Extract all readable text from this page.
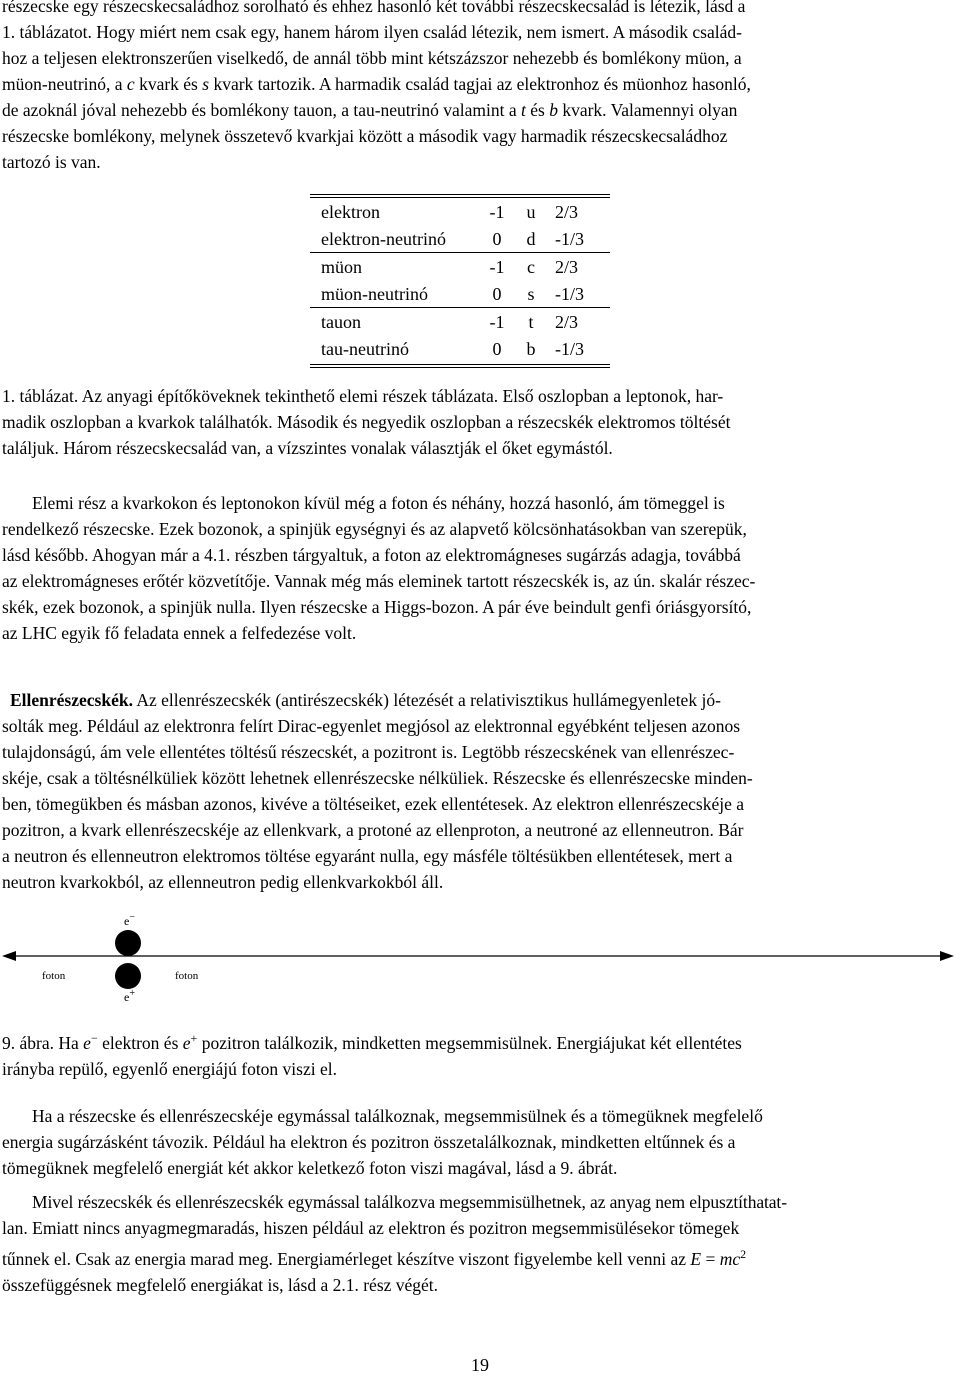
részecske egy részecskecsaládhoz sorolható és ehhez hasonló két további részecskecsalád is létezik, lásd a

1. táblázatot. Hogy miért nem csak egy, hanem három ilyen család létezik, nem ismert. A második család-

hoz a teljesen elektronszerűen viselkedő, de annál több mint kétszázszor nehezebb és bomlékony müon, a

müon-neutrinó, a c kvark és s kvark tartozik. A harmadik család tagjai az elektronhoz és müonhoz hasonló,

de azoknál jóval nehezebb és bomlékony tauon, a tau-neutrinó valamint a t és b kvark. Valamennyi olyan

részecske bomlékony, melynek összetevő kvarkjai között a második vagy harmadik részecskecsaládhoz

tartozó is van.

elektron	-1	u	2/3
elektron-neutrinó	0	d	-1/3
müon	-1	c	2/3
müon-neutrinó	0	s	-1/3
tauon	-1	t	2/3
tau-neutrinó	0	b	-1/3

1. táblázat. Az anyagi építőköveknek tekinthető elemi részek táblázata. Első oszlopban a leptonok, har-

madik oszlopban a kvarkok találhatók. Második és negyedik oszlopban a részecskék elektromos töltését

találjuk. Három részecskecsalád van, a vízszintes vonalak választják el őket egymástól.

Elemi rész a kvarkokon és leptonokon kívül még a foton és néhány, hozzá hasonló, ám tömeggel is

rendelkező részecske. Ezek bozonok, a spinjük egységnyi és az alapvető kölcsönhatásokban van szerepük,

lásd később. Ahogyan már a 4.1. részben tárgyaltuk, a foton az elektromágneses sugárzás adagja, továbbá

az elektromágneses erőtér közvetítője. Vannak még más eleminek tartott részecskék is, az ún. skalár részec-

skék, ezek bozonok, a spinjük nulla. Ilyen részecske a Higgs-bozon. A pár éve beindult genfi óriásgyorsító,

az LHC egyik fő feladata ennek a felfedezése volt.

Ellenrészecskék. Az ellenrészecskék (antirészecskék) létezését a relativisztikus hullámegyenletek jó-

solták meg. Például az elektronra felírt Dirac-egyenlet megjósol az elektronnal egyébként teljesen azonos

tulajdonságú, ám vele ellentétes töltésű részecskét, a pozitront is. Legtöbb részecskének van ellenrészec-

skéje, csak a töltésnélküliek között lehetnek ellenrészecske nélküliek. Részecske és ellenrészecske minden-

ben, tömegükben és másban azonos, kivéve a töltéseiket, ezek ellentétesek. Az elektron ellenrészecskéje a

pozitron, a kvark ellenrészecskéje az ellenkvark, a protoné az ellenproton, a neutroné az ellenneutron. Bár

a neutron és ellenneutron elektromos töltése egyaránt nulla, egy másféle töltésükben ellentétesek, mert a

neutron kvarkokból, az ellenneutron pedig ellenkvarkokból áll.

e−
foton	foton
e+

9. ábra. Ha e− elektron és e+ pozitron találkozik, mindketten megsemmisülnek. Energiájukat két ellentétes

irányba repülő, egyenlő energiájú foton viszi el.

Ha a részecske és ellenrészecskéje egymással találkoznak, megsemmisülnek és a tömegüknek megfelelő

energia sugárzásként távozik. Például ha elektron és pozitron összetalálkoznak, mindketten eltűnnek és a

tömegüknek megfelelő energiát két akkor keletkező foton viszi magával, lásd a 9. ábrát.

Mivel részecskék és ellenrészecskék egymással találkozva megsemmisülhetnek, az anyag nem elpusztíthatat-

lan. Emiatt nincs anyagmegmaradás, hiszen például az elektron és pozitron megsemmisülésekor tömegek

tűnnek el. Csak az energia marad meg. Energiamérleget készítve viszont figyelembe kell venni az $E = mc^2$

összefüggésnek megfelelő energiákat is, lásd a 2.1. rész végét.

19
